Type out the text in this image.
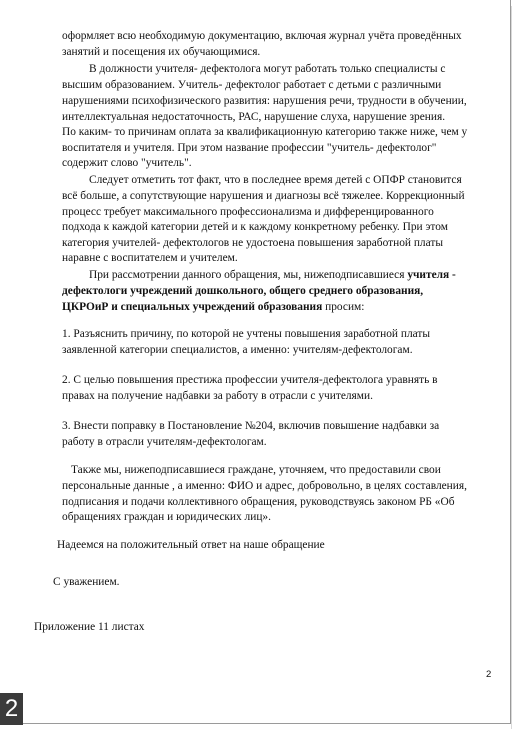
оформляет всю необходимую документацию, включая журнал учёта проведённых
занятий и посещения их обучающимися.
В должности учителя- дефектолога могут работать только специалисты с
высшим образованием. Учитель- дефектолог работает с детьми с различными
нарушениями психофизического развития: нарушения речи, трудности в обучении,
интеллектуальная недостаточность, РАС, нарушение слуха, нарушение зрения.
По каким- то причинам оплата за квалификационную категорию также ниже, чем у
воспитателя и учителя. При этом название профессии "учитель- дефектолог"
содержит слово "учитель".
Следует отметить тот факт, что в последнее время детей с ОПФР становится
всё больше, а сопутствующие нарушения и диагнозы всё тяжелее. Коррекционный
процесс требует максимального профессионализма и дифференцированного
подхода к каждой категории детей и к каждому конкретному ребенку. При этом
категория учителей- дефектологов не удостоена повышения заработной платы
наравне с воспитателем и учителем.
При рассмотрении данного обращения, мы, нижеподписавшиеся учителя -
дефектологи учреждений дошкольного, общего среднего образования,
ЦКРОиР и специальных учреждений образования просим:
1. Разъяснить причину, по которой не учтены повышения заработной платы
заявленной категории специалистов, а именно: учителям-дефектологам.
2. С целью повышения престижа профессии учителя-дефектолога уравнять в
правах на получение надбавки за работу в отрасли с учителями.
3. Внести поправку в Постановление №204, включив повышение надбавки за
работу в отрасли учителям-дефектологам.
Также мы, нижеподписавшиеся граждане, уточняем, что предоставили свои
персональные данные , а именно: ФИО и адрес, добровольно, в целях составления,
подписания и подачи коллективного обращения, руководствуясь законом РБ «Об
обращениях граждан и юридических лиц».
Надеемся на положительный ответ на наше обращение
С уважением.
Приложение 11 листах
2
2
